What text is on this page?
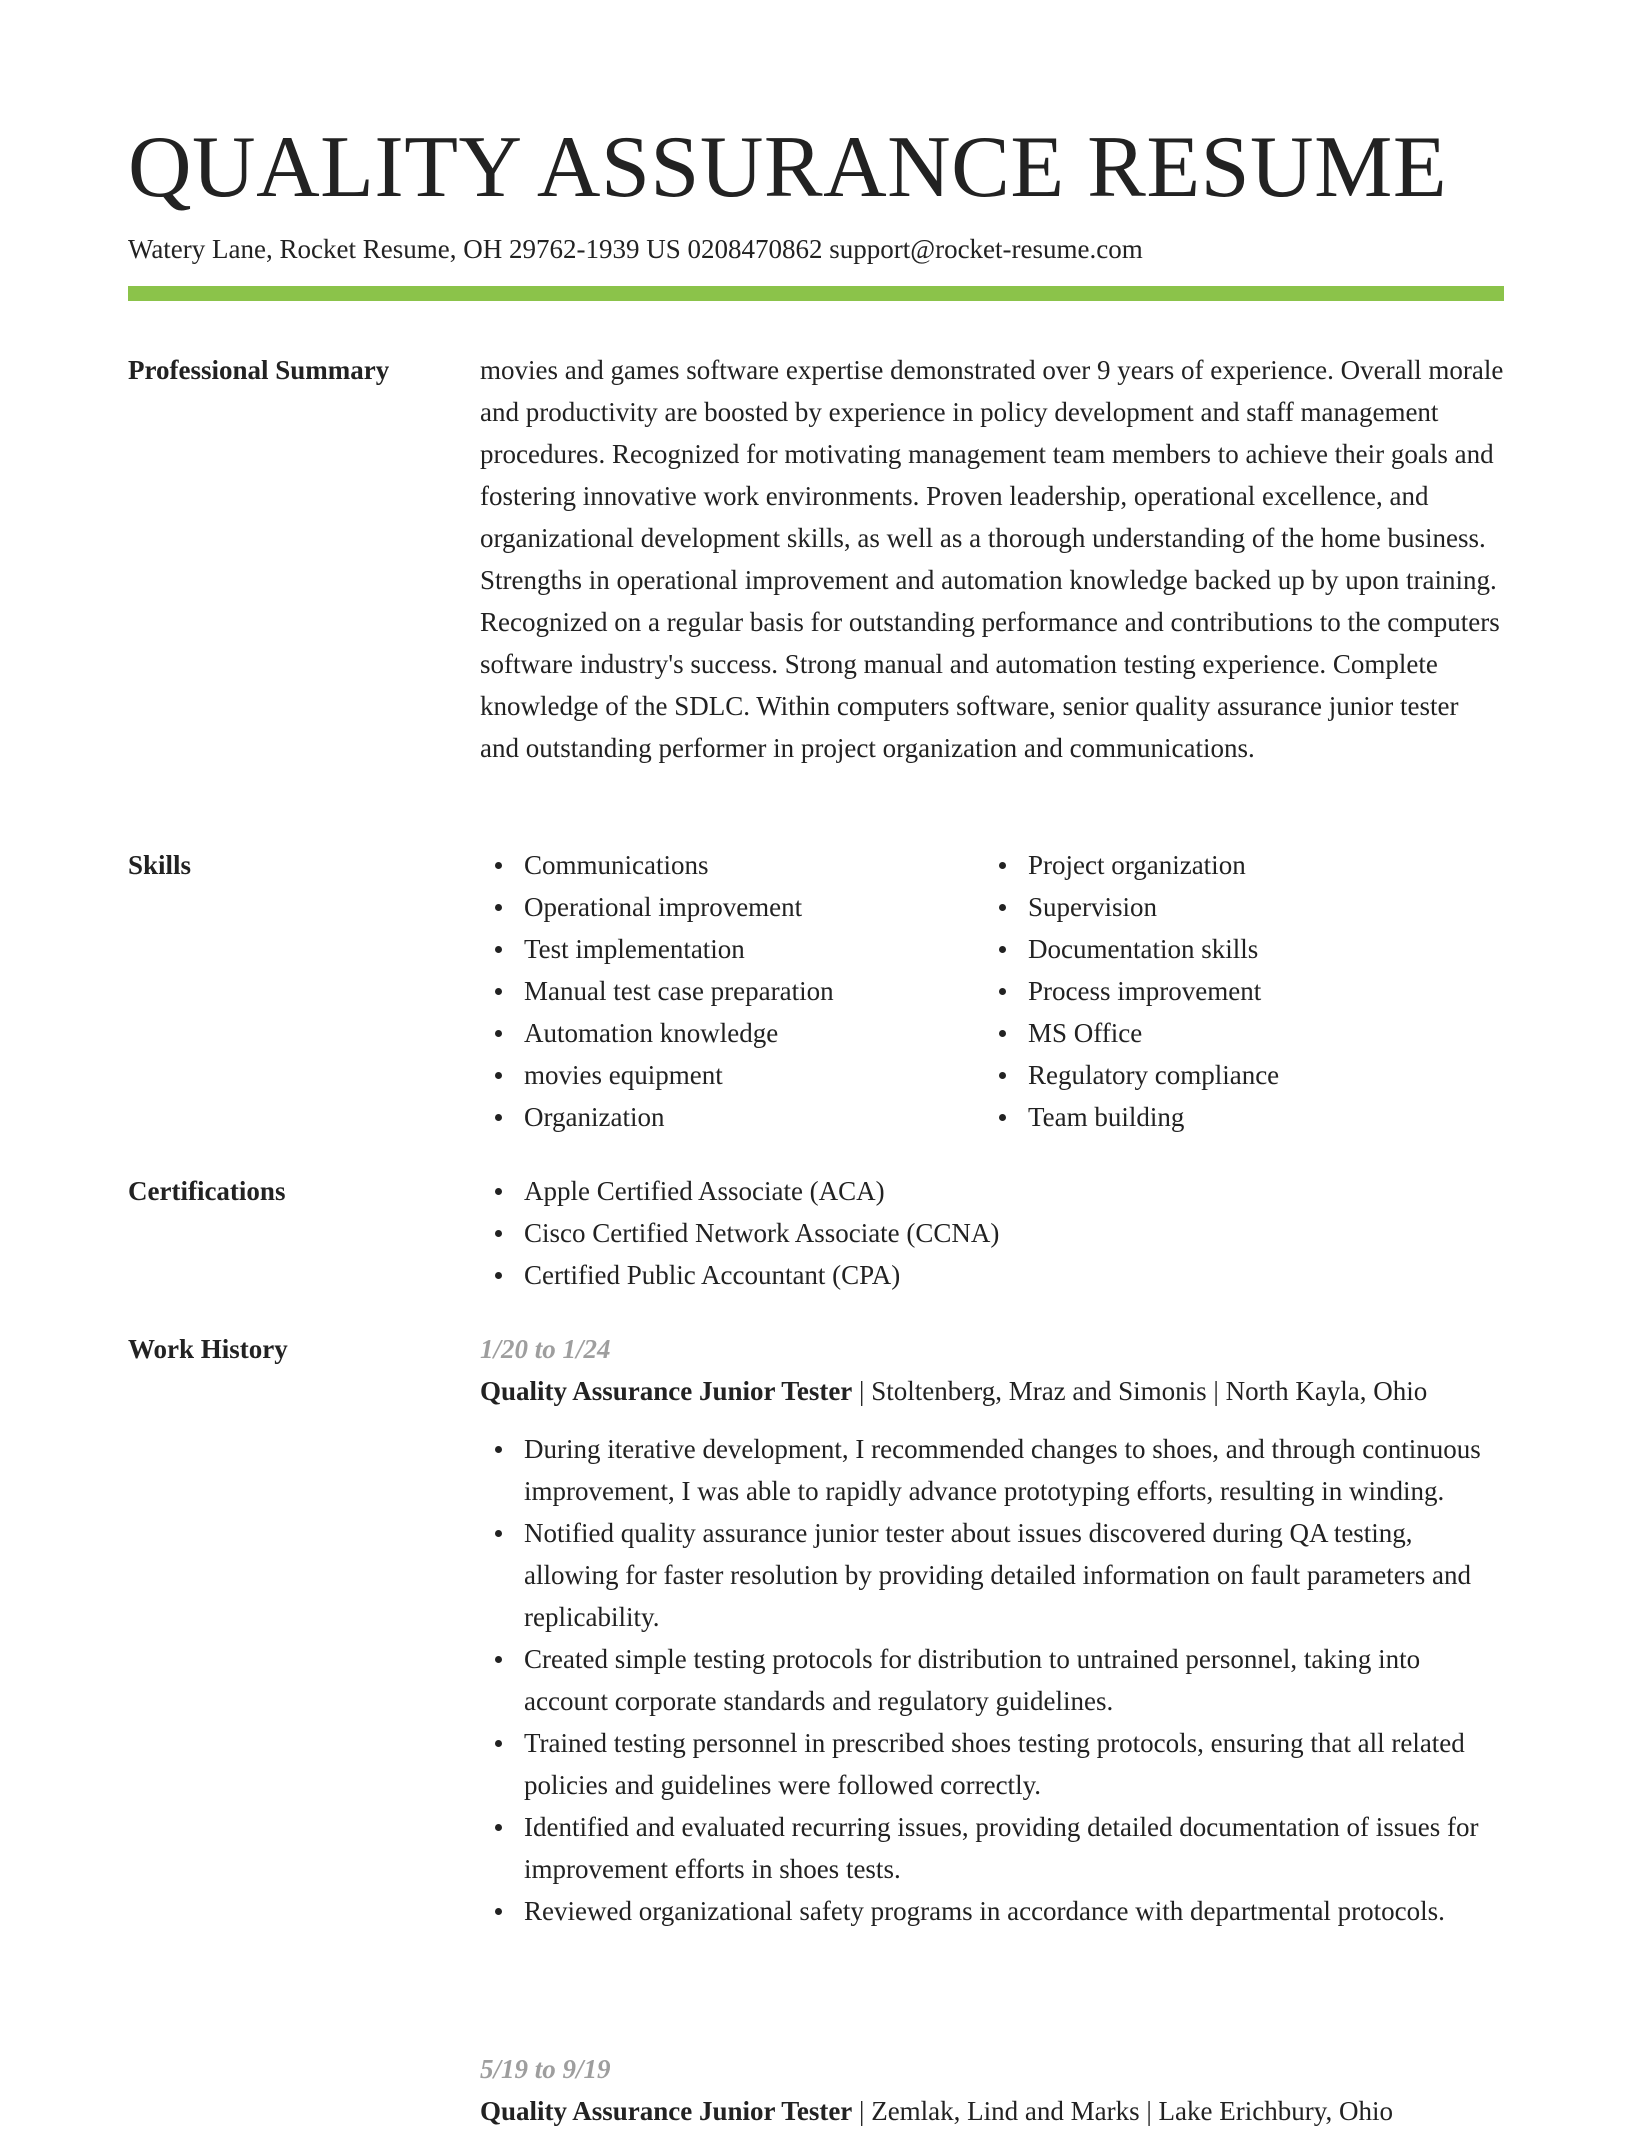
QUALITY ASSURANCE RESUME
Watery Lane, Rocket Resume, OH 29762-1939 US 0208470862 support@rocket-resume.com
Professional Summary	movies and games software expertise demonstrated over 9 years of experience. Overall morale and productivity are boosted by experience in policy development and staff management procedures. Recognized for motivating management team members to achieve their goals and fostering innovative work environments. Proven leadership, operational excellence, and organizational development skills, as well as a thorough understanding of the home business. Strengths in operational improvement and automation knowledge backed up by upon training. Recognized on a regular basis for outstanding performance and contributions to the computers software industry's success. Strong manual and automation testing experience. Complete knowledge of the SDLC. Within computers software, senior quality assurance junior tester and outstanding performer in project organization and communications.

Skills	Communications
Operational improvement
Test implementation
Manual test case preparation
Automation knowledge
movies equipment
Organization
Project organization
Supervision
Documentation skills
Process improvement
MS Office
Regulatory compliance
Team building
Certifications	Apple Certified Associate (ACA)
Cisco Certified Network Associate (CCNA)
Certified Public Accountant (CPA)
Work History	1/20 to 1/24
Quality Assurance Junior Tester | Stoltenberg, Mraz and Simonis | North Kayla, Ohio
During iterative development, I recommended changes to shoes, and through continuous improvement, I was able to rapidly advance prototyping efforts, resulting in winding.
Notified quality assurance junior tester about issues discovered during QA testing, allowing for faster resolution by providing detailed information on fault parameters and replicability.
Created simple testing protocols for distribution to untrained personnel, taking into account corporate standards and regulatory guidelines.
Trained testing personnel in prescribed shoes testing protocols, ensuring that all related policies and guidelines were followed correctly.
Identified and evaluated recurring issues, providing detailed documentation of issues for improvement efforts in shoes tests.
Reviewed organizational safety programs in accordance with departmental protocols.
5/19 to 9/19
Quality Assurance Junior Tester | Zemlak, Lind and Marks | Lake Erichbury, Ohio
